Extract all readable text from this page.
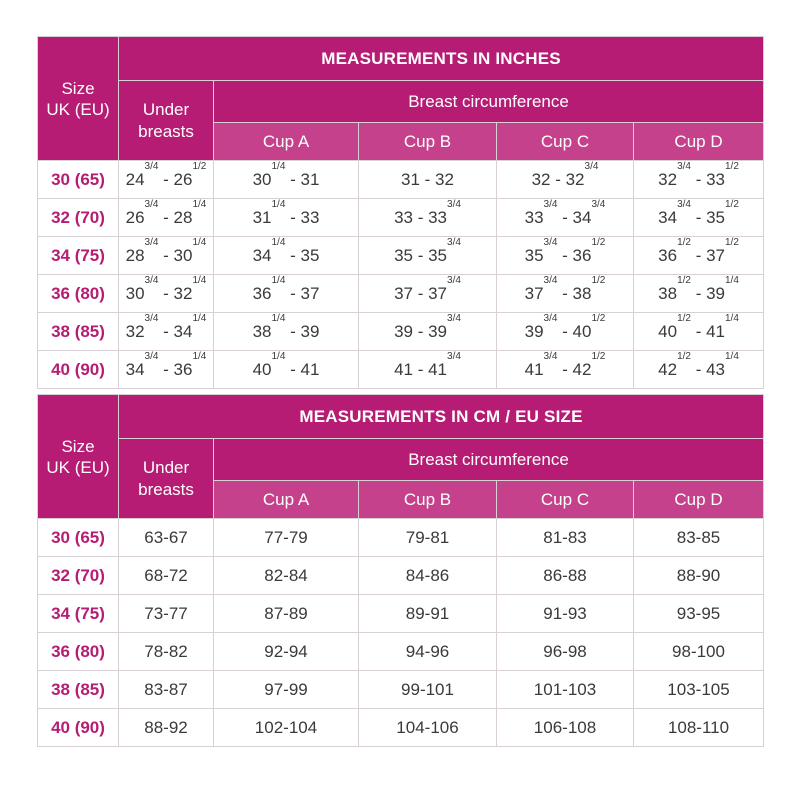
Size
UK (EU)	MEASUREMENTS IN INCHES				
	Under
breasts	Breast circumference			
		Cup A	Cup B	Cup C	Cup D
30 (65)	$24^{3/4} - 26^{1/2}$	$30^{1/4} - 31$	31 - 32	$32 - 32^{3/4}$	$32^{3/4} - 33^{1/2}$
32 (70)	$26^{3/4} - 28^{1/4}$	$31^{1/4} - 33$	$33 - 33^{3/4}$	$33^{3/4} - 34^{3/4}$	$34^{3/4} - 35^{1/2}$
34 (75)	$28^{3/4} - 30^{1/4}$	$34^{1/4} - 35$	$35 - 35^{3/4}$	$35^{3/4} - 36^{1/2}$	$36^{1/2} - 37^{1/2}$
36 (80)	$30^{3/4} - 32^{1/4}$	$36^{1/4} - 37$	$37 - 37^{3/4}$	$37^{3/4} - 38^{1/2}$	$38^{1/2} - 39^{1/4}$
38 (85)	$32^{3/4} - 34^{1/4}$	$38^{1/4} - 39$	$39 - 39^{3/4}$	$39^{3/4} - 40^{1/2}$	$40^{1/2} - 41^{1/4}$
40 (90)	$34^{3/4} - 36^{1/4}$	$40^{1/4} - 41$	$41 - 41^{3/4}$	$41^{3/4} - 42^{1/2}$	$42^{1/2} - 43^{1/4}$
Size
UK (EU)	MEASUREMENTS IN CM / EU SIZE				
	Under
breasts	Breast circumference			
		Cup A	Cup B	Cup C	Cup D
30 (65)	63-67	77-79	79-81	81-83	83-85
32 (70)	68-72	82-84	84-86	86-88	88-90
34 (75)	73-77	87-89	89-91	91-93	93-95
36 (80)	78-82	92-94	94-96	96-98	98-100
38 (85)	83-87	97-99	99-101	101-103	103-105
40 (90)	88-92	102-104	104-106	106-108	108-110
